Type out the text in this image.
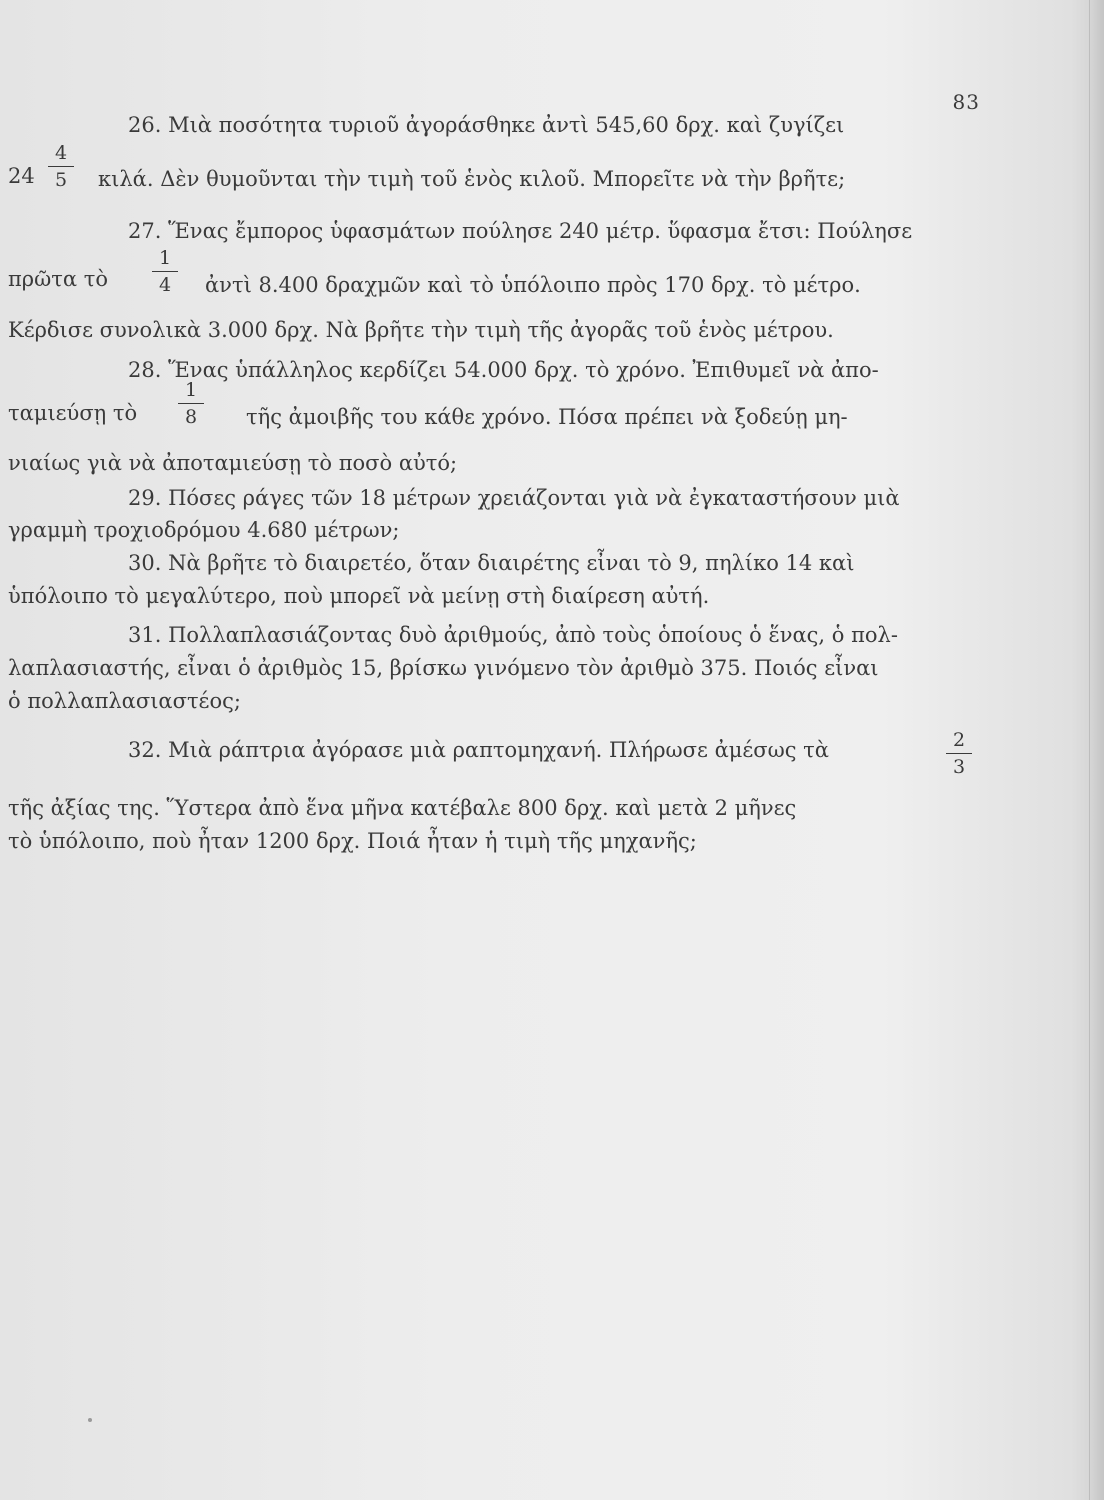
83
26. Μιὰ ποσότητα τυριοῦ ἀγοράσθηκε ἀντὶ 545,60 δρχ. καὶ ζυγίζει
24
4
5 κιλά. Δὲν θυμοῦνται τὴν τιμὴ τοῦ ἑνὸς κιλοῦ. Μπορεῖτε νὰ τὴν βρῆτε;
27. Ἕνας ἔμπορος ὑφασμάτων πούλησε 240 μέτρ. ὕφασμα ἔτσι: Πούλησε
πρῶτα τὸ
1
4 ἀντὶ 8.400 δραχμῶν καὶ τὸ ὑπόλοιπο πρὸς 170 δρχ. τὸ μέτρο.
Κέρδισε συνολικὰ 3.000 δρχ. Νὰ βρῆτε τὴν τιμὴ τῆς ἀγορᾶς τοῦ ἑνὸς μέτρου.
28. Ἕνας ὑπάλληλος κερδίζει 54.000 δρχ. τὸ χρόνο. Ἐπιθυμεῖ νὰ ἀπο-
ταμιεύσῃ τὸ
1
8 τῆς ἀμοιβῆς του κάθε χρόνο. Πόσα πρέπει νὰ ξοδεύῃ μη-
νιαίως γιὰ νὰ ἀποταμιεύσῃ τὸ ποσὸ αὐτό;
29. Πόσες ράγες τῶν 18 μέτρων χρειάζονται γιὰ νὰ ἐγκαταστήσουν μιὰ
γραμμὴ τροχιοδρόμου 4.680 μέτρων;
30. Νὰ βρῆτε τὸ διαιρετέο, ὅταν διαιρέτης εἶναι τὸ 9, πηλίκο 14 καὶ
ὑπόλοιπο τὸ μεγαλύτερο, ποὺ μπορεῖ νὰ μείνῃ στὴ διαίρεση αὐτή.
31. Πολλαπλασιάζοντας δυὸ ἀριθμούς, ἀπὸ τοὺς ὁποίους ὁ ἕνας, ὁ πολ-
λαπλασιαστής, εἶναι ὁ ἀριθμὸς 15, βρίσκω γινόμενο τὸν ἀριθμὸ 375. Ποιός εἶναι
ὁ πολλαπλασιαστέος;
32. Μιὰ ράπτρια ἀγόρασε μιὰ ραπτομηχανή. Πλήρωσε ἀμέσως τὰ	2
3
τῆς ἀξίας της. Ὕστερα ἀπὸ ἕνα μῆνα κατέβαλε 800 δρχ. καὶ μετὰ 2 μῆνες
τὸ ὑπόλοιπο, ποὺ ἦταν 1200 δρχ. Ποιά ἦταν ἡ τιμὴ τῆς μηχανῆς;
